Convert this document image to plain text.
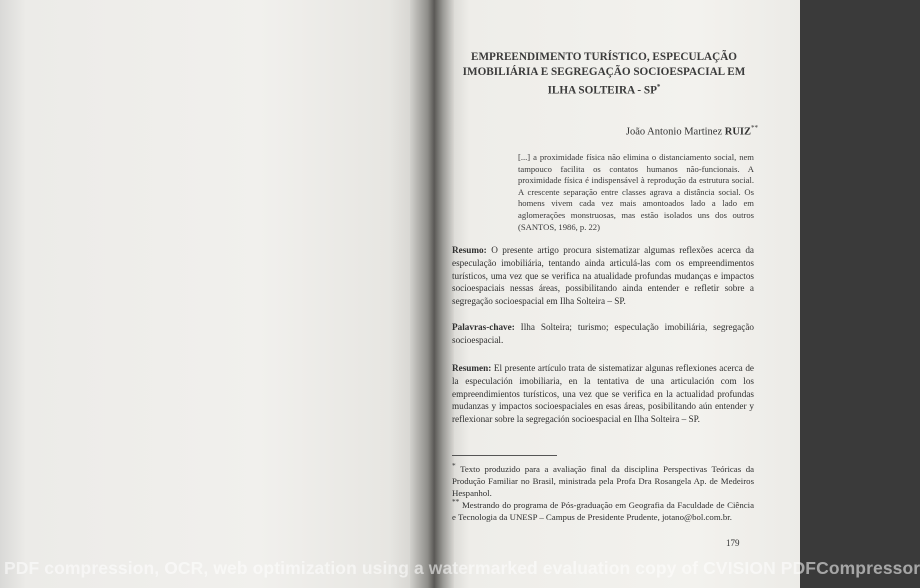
EMPREENDIMENTO TURÍSTICO, ESPECULAÇÃO IMOBILIÁRIA E SEGREGAÇÃO SOCIOESPACIAL EM ILHA SOLTEIRA - SP*
João Antonio Martinez RUIZ**
[...] a proximidade física não elimina o distanciamento social, nem tampouco facilita os contatos humanos não-funcionais. A proximidade física é indispensável à reprodução da estrutura social. A crescente separação entre classes agrava a distância social. Os homens vivem cada vez mais amontoados lado a lado em aglomerações monstruosas, mas estão isolados uns dos outros (SANTOS, 1986, p. 22)
Resumo: O presente artigo procura sistematizar algumas reflexões acerca da especulação imobiliária, tentando ainda articulá-las com os empreendimentos turísticos, uma vez que se verifica na atualidade profundas mudanças e impactos socioespaciais nessas áreas, possibilitando ainda entender e refletir sobre a segregação socioespacial em Ilha Solteira – SP.
Palavras-chave: Ilha Solteira; turismo; especulação imobiliária, segregação socioespacial.
Resumen: El presente artículo trata de sistematizar algunas reflexiones acerca de la especulación imobiliaria, en la tentativa de una articulación com los empreendimientos turísticos, una vez que se verifica en la actualidad profundas mudanzas y impactos socioespaciales en esas áreas, posibilitando aún entender y reflexionar sobre la segregación socioespacial en Ilha Solteira – SP.
* Texto produzido para a avaliação final da disciplina Perspectivas Teóricas da Produção Familiar no Brasil, ministrada pela Profa Dra Rosangela Ap. de Medeiros Hespanhol.
** Mestrando do programa de Pós-graduação em Geografia da Faculdade de Ciência e Tecnologia da UNESP – Campus de Presidente Prudente, jotano@bol.com.br.
179
PDF compression, OCR, web optimization using a watermarked evaluation copy of CVISION PDFCompressor
